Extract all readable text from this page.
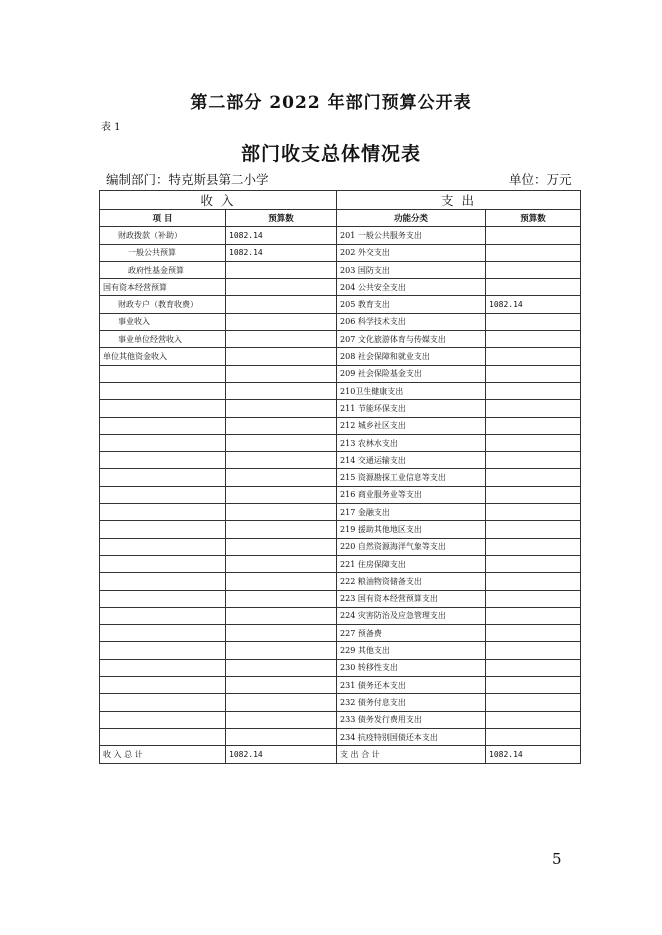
第二部分 2022 年部门预算公开表
表 1
部门收支总体情况表
编制部门：特克斯县第二小学	单位：万元
收 入		支 出	
项 目	预算数	功能分类	预算数
财政拨款（补助）	1082.14	201 一般公共服务支出	
一般公共预算	1082.14	202 外交支出	
政府性基金预算		203 国防支出	
国有资本经营预算		204 公共安全支出	
财政专户（教育收费）		205 教育支出	1082.14
事业收入		206 科学技术支出	
事业单位经营收入		207 文化旅游体育与传媒支出	
单位其他资金收入		208 社会保障和就业支出	
		209 社会保险基金支出	
		210卫生健康支出	
		211 节能环保支出	
		212 城乡社区支出	
		213 农林水支出	
		214 交通运输支出	
		215 资源勘探工业信息等支出	
		216 商业服务业等支出	
		217 金融支出	
		219 援助其他地区支出	
		220 自然资源海洋气象等支出	
		221 住房保障支出	
		222 粮油物资储备支出	
		223 国有资本经营预算支出	
		224 灾害防治及应急管理支出	
		227 预备费	
		229 其他支出	
		230 转移性支出	
		231 债务还本支出	
		232 债务付息支出	
		233 债务发行费用支出	
		234 抗疫特别国债还本支出	
收 入 总 计	1082.14	支 出 合 计	1082.14
5
